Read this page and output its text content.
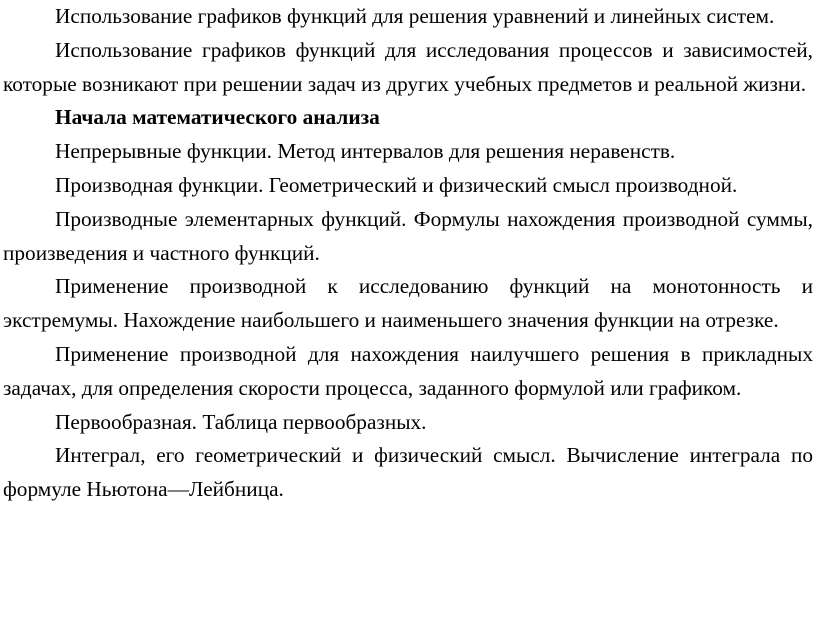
Использование графиков функций для решения уравнений и линейных систем.

Использование графиков функций для исследования процессов и зависимостей, которые возникают при решении задач из других учебных предметов и реальной жизни.

Начала математического анализа

Непрерывные функции. Метод интервалов для решения неравенств.

Производная функции. Геометрический и физический смысл производной.

Производные элементарных функций. Формулы нахождения производной суммы, произведения и частного функций.

Применение производной к исследованию функций на монотонность и экстремумы. Нахождение наибольшего и наименьшего значения функции на отрезке.

Применение производной для нахождения наилучшего решения в прикладных задачах, для определения скорости процесса, заданного формулой или графиком.

Первообразная. Таблица первообразных.

Интеграл, его геометрический и физический смысл. Вычисление интеграла по формуле Ньютона—Лейбница.
